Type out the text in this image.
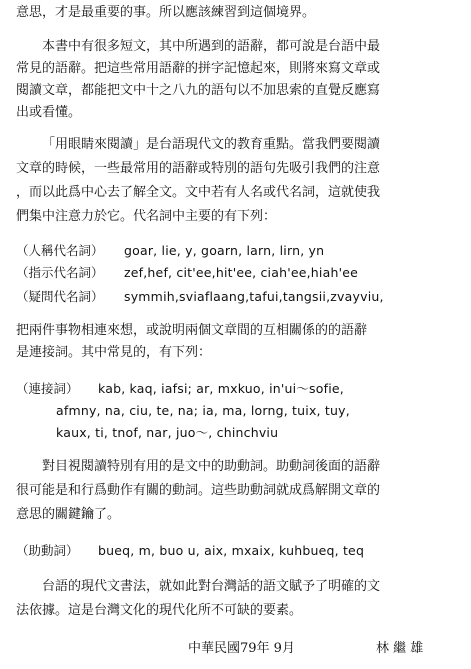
意思，才是最重要的事。所以應該練習到這個境界。
本書中有很多短文，其中所遇到的語辭，都可說是台語中最
常見的語辭。把這些常用語辭的拼字記憶起來，則將來寫文章或
閱讀文章，都能把文中十之八九的語句以不加思索的直覺反應寫
出或看懂。
「用眼睛來閱讀」是台語現代文的教育重點。當我們要閱讀
文章的時候，一些最常用的語辭或特別的語句先吸引我們的注意
，而以此爲中心去了解全文。文中若有人名或代名詞，這就使我
們集中注意力於它。代名詞中主要的有下列：
（人稱代名詞） goar, lie, y, goarn, larn, lirn, yn
（指示代名詞） zef,hef, cit'ee,hit'ee, ciah'ee,hiah'ee
（疑問代名詞） symmih,sviaflaang,tafui,tangsii,zvayviu,
把兩件事物相連來想，或說明兩個文章間的互相關係的的語辭
是連接詞。其中常見的，有下列：
（連接詞） kab, kaq, iafsi; ar, mxkuo, in'ui～sofie,
afmny, na, ciu, te, na; ia, ma, lorng, tuix, tuy,
kaux, ti, tnof, nar, juo～, chinchviu
對目視閱讀特別有用的是文中的助動詞。助動詞後面的語辭
很可能是和行爲動作有關的動詞。這些助動詞就成爲解開文章的
意思的關鍵鑰了。
（助動詞） bueq, m, buo u, aix, mxaix, kuhbueq, teq
台語的現代文書法，就如此對台灣話的語文賦予了明確的文
法依據。這是台灣文化的現代化所不可缺的要素。
中華民國79年 9月	林 繼 雄
